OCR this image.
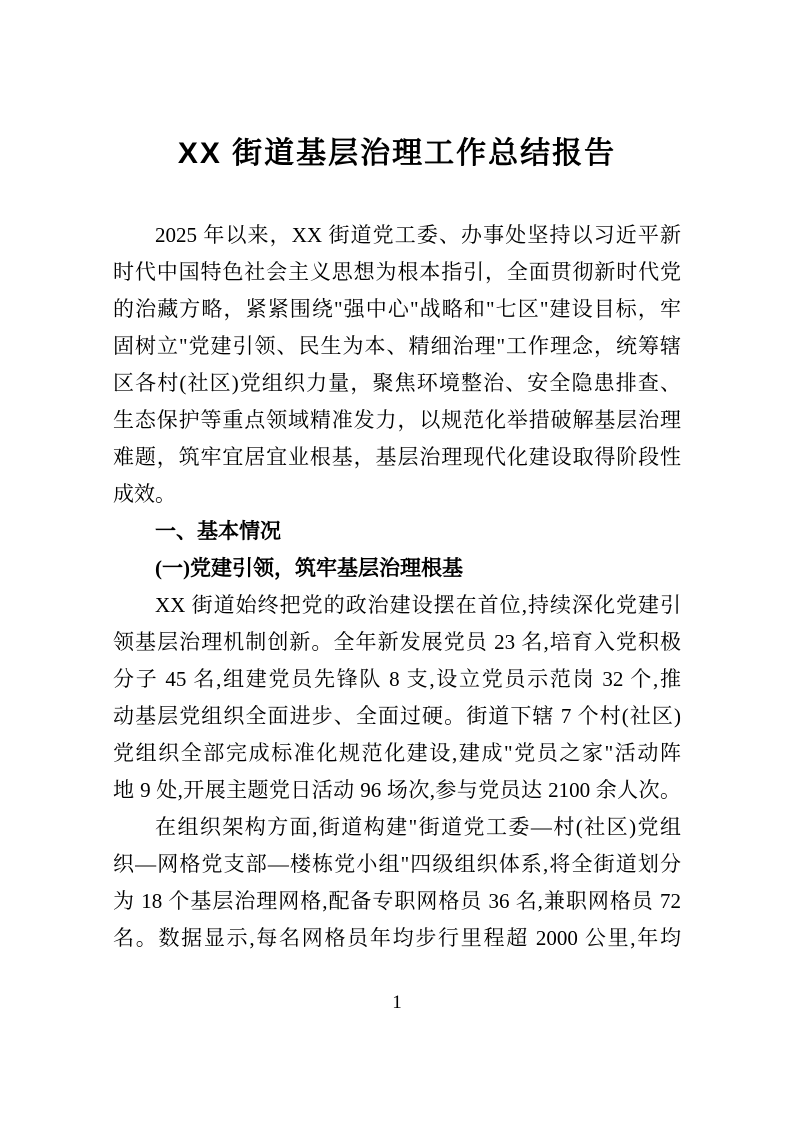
XX 街道基层治理工作总结报告
2025 年以来，XX 街道党工委、办事处坚持以习近平新
时代中国特色社会主义思想为根本指引，全面贯彻新时代党
的治藏方略，紧紧围绕"强中心"战略和"七区"建设目标，牢
固树立"党建引领、民生为本、精细治理"工作理念，统筹辖
区各村(社区)党组织力量，聚焦环境整治、安全隐患排查、
生态保护等重点领域精准发力，以规范化举措破解基层治理
难题，筑牢宜居宜业根基，基层治理现代化建设取得阶段性
成效。
一、基本情况
(一)党建引领，筑牢基层治理根基
XX 街道始终把党的政治建设摆在首位,持续深化党建引
领基层治理机制创新。全年新发展党员 23 名,培育入党积极
分子 45 名,组建党员先锋队 8 支,设立党员示范岗 32 个,推
动基层党组织全面进步、全面过硬。街道下辖 7 个村(社区)
党组织全部完成标准化规范化建设,建成"党员之家"活动阵
地 9 处,开展主题党日活动 96 场次,参与党员达 2100 余人次。
在组织架构方面,街道构建"街道党工委—村(社区)党组
织—网格党支部—楼栋党小组"四级组织体系,将全街道划分
为 18 个基层治理网格,配备专职网格员 36 名,兼职网格员 72
名。数据显示,每名网格员年均步行里程超 2000 公里,年均
1
